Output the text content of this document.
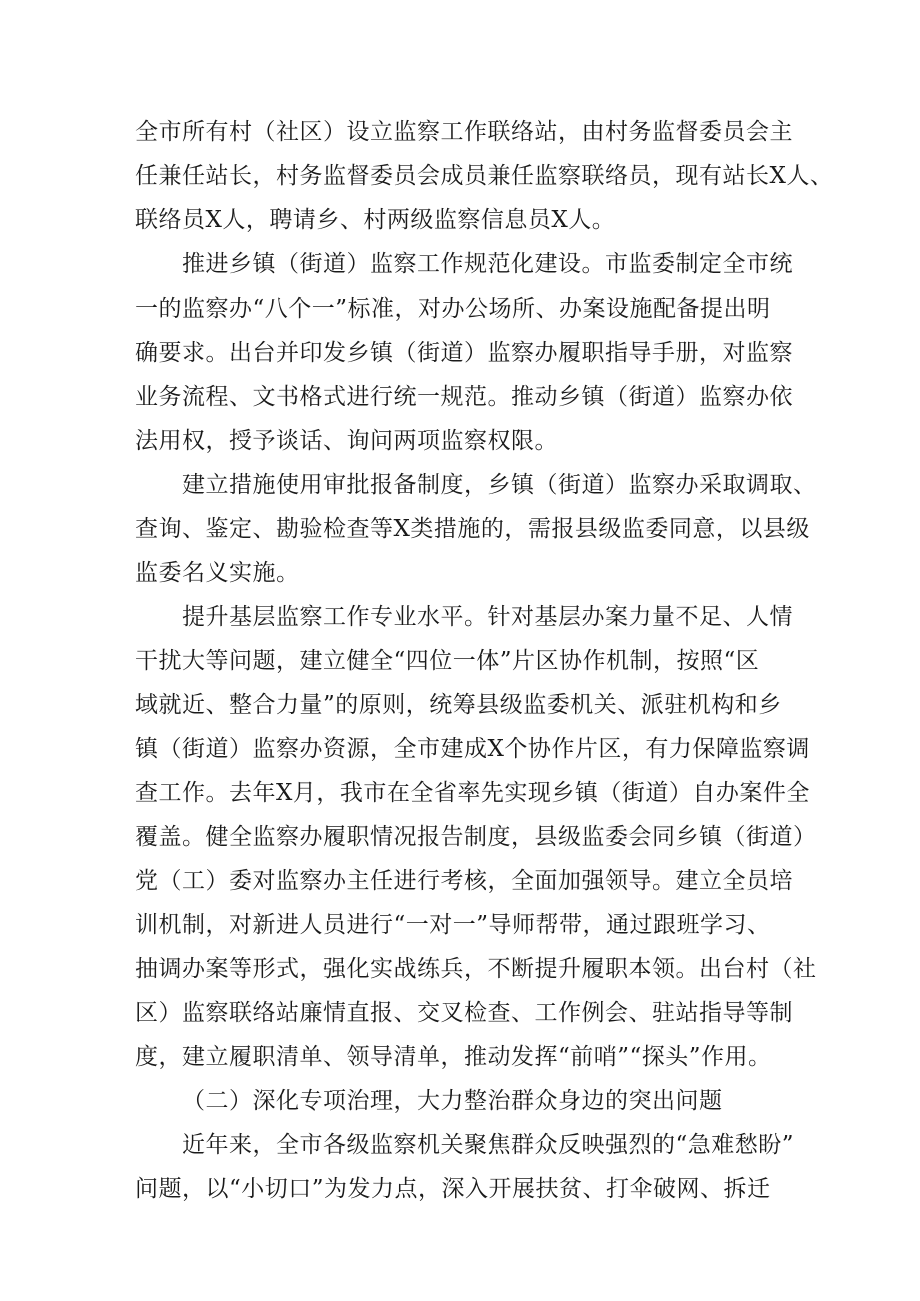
全市所有村（社区）设立监察工作联络站，由村务监督委员会主
任兼任站长，村务监督委员会成员兼任监察联络员，现有站长X人、
联络员X人，聘请乡、村两级监察信息员X人。
推进乡镇（街道）监察工作规范化建设。市监委制定全市统
一的监察办“八个一”标准，对办公场所、办案设施配备提出明
确要求。出台并印发乡镇（街道）监察办履职指导手册，对监察
业务流程、文书格式进行统一规范。推动乡镇（街道）监察办依
法用权，授予谈话、询问两项监察权限。
建立措施使用审批报备制度，乡镇（街道）监察办采取调取、
查询、鉴定、勘验检查等X类措施的，需报县级监委同意，以县级
监委名义实施。
提升基层监察工作专业水平。针对基层办案力量不足、人情
干扰大等问题，建立健全“四位一体”片区协作机制，按照“区
域就近、整合力量”的原则，统筹县级监委机关、派驻机构和乡
镇（街道）监察办资源，全市建成X个协作片区，有力保障监察调
查工作。去年X月，我市在全省率先实现乡镇（街道）自办案件全
覆盖。健全监察办履职情况报告制度，县级监委会同乡镇（街道）
党（工）委对监察办主任进行考核，全面加强领导。建立全员培
训机制，对新进人员进行“一对一”导师帮带，通过跟班学习、
抽调办案等形式，强化实战练兵，不断提升履职本领。出台村（社
区）监察联络站廉情直报、交叉检查、工作例会、驻站指导等制
度，建立履职清单、领导清单，推动发挥“前哨”“探头”作用。
（二）深化专项治理，大力整治群众身边的突出问题
近年来，全市各级监察机关聚焦群众反映强烈的“急难愁盼”
问题，以“小切口”为发力点，深入开展扶贫、打伞破网、拆迁
